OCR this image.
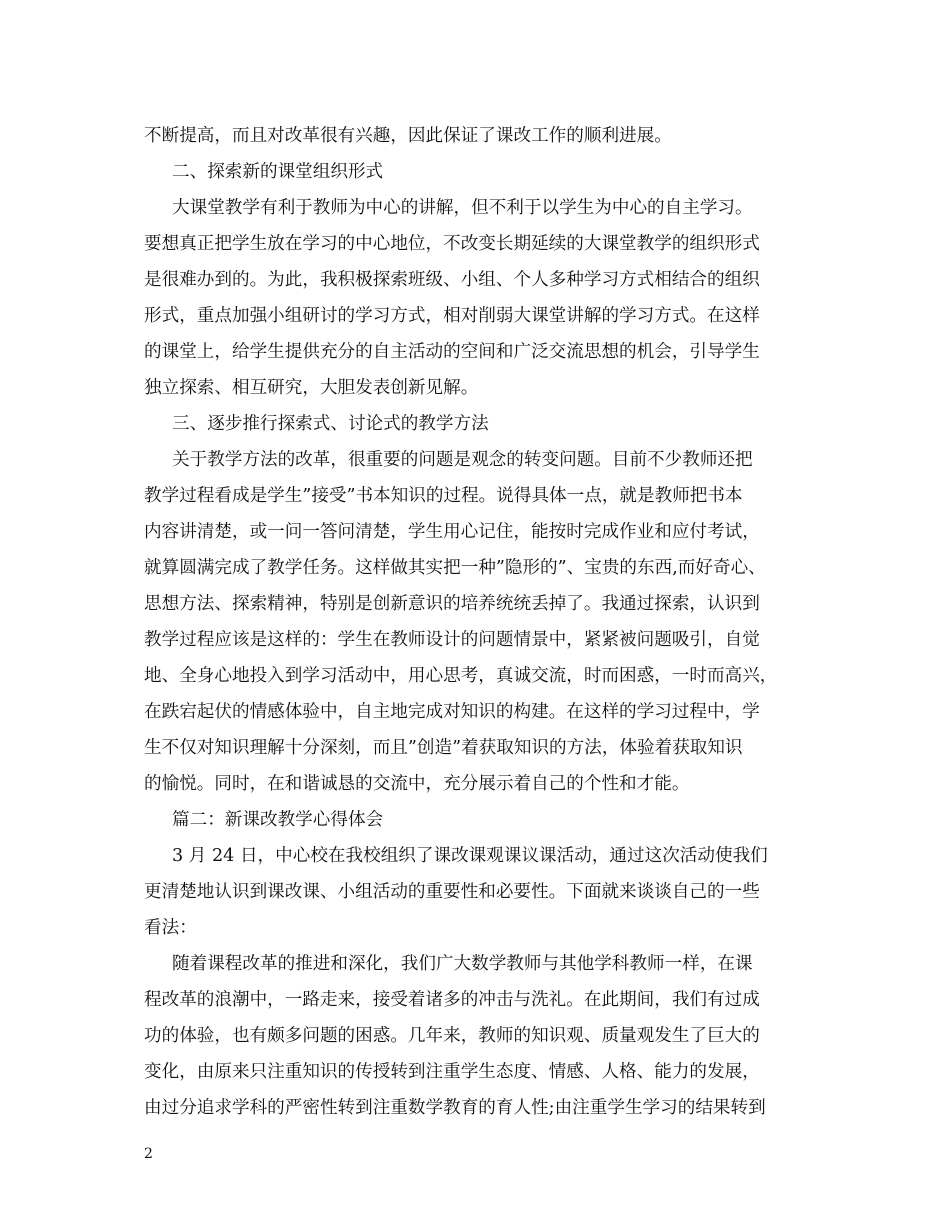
不断提高，而且对改革很有兴趣，因此保证了课改工作的顺利进展。
二、探索新的课堂组织形式
大课堂教学有利于教师为中心的讲解，但不利于以学生为中心的自主学习。
要想真正把学生放在学习的中心地位，不改变长期延续的大课堂教学的组织形式
是很难办到的。为此，我积极探索班级、小组、个人多种学习方式相结合的组织
形式，重点加强小组研讨的学习方式，相对削弱大课堂讲解的学习方式。在这样
的课堂上，给学生提供充分的自主活动的空间和广泛交流思想的机会，引导学生
独立探索、相互研究，大胆发表创新见解。
三、逐步推行探索式、讨论式的教学方法
关于教学方法的改革，很重要的问题是观念的转变问题。目前不少教师还把
教学过程看成是学生”接受”书本知识的过程。说得具体一点，就是教师把书本
内容讲清楚，或一问一答问清楚，学生用心记住，能按时完成作业和应付考试，
就算圆满完成了教学任务。这样做其实把一种”隐形的”、宝贵的东西,而好奇心、
思想方法、探索精神，特别是创新意识的培养统统丢掉了。我通过探索，认识到
教学过程应该是这样的：学生在教师设计的问题情景中，紧紧被问题吸引，自觉
地、全身心地投入到学习活动中，用心思考，真诚交流，时而困惑，一时而高兴，
在跌宕起伏的情感体验中，自主地完成对知识的构建。在这样的学习过程中，学
生不仅对知识理解十分深刻，而且”创造”着获取知识的方法，体验着获取知识
的愉悦。同时，在和谐诚恳的交流中，充分展示着自己的个性和才能。
篇二：新课改教学心得体会
3 月 24 日，中心校在我校组织了课改课观课议课活动，通过这次活动使我们
更清楚地认识到课改课、小组活动的重要性和必要性。下面就来谈谈自己的一些
看法：
随着课程改革的推进和深化，我们广大数学教师与其他学科教师一样，在课
程改革的浪潮中，一路走来，接受着诸多的冲击与洗礼。在此期间，我们有过成
功的体验，也有颇多问题的困惑。几年来，教师的知识观、质量观发生了巨大的
变化，由原来只注重知识的传授转到注重学生态度、情感、人格、能力的发展，
由过分追求学科的严密性转到注重数学教育的育人性;由注重学生学习的结果转到
2
